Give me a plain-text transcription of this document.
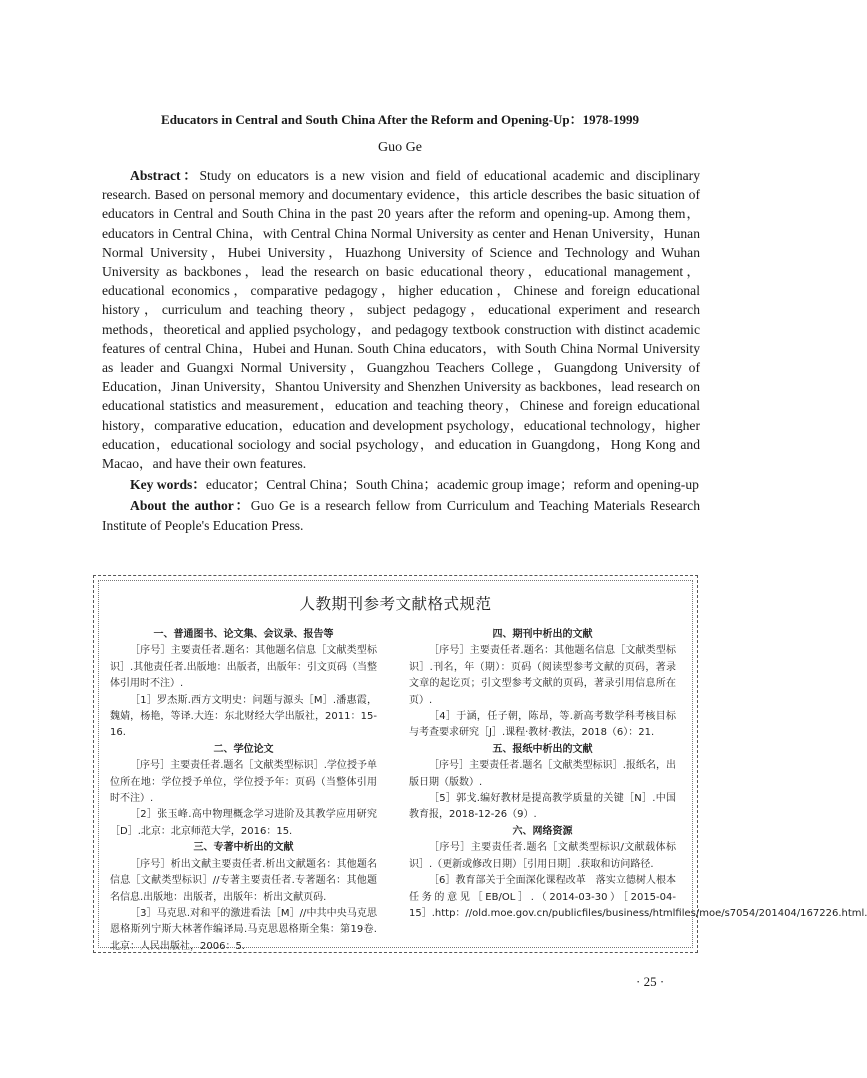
Educators in Central and South China After the Reform and Opening-Up：1978-1999
Guo Ge

Abstract：Study on educators is a new vision and field of educational academic and disciplinary research. Based on personal memory and documentary evidence，this article describes the basic situation of educators in Central and South China in the past 20 years after the reform and opening-up. Among them，educators in Central China，with Central China Normal University as center and Henan University，Hunan Normal University，Hubei University，Huazhong University of Science and Technology and Wuhan University as backbones，lead the research on basic educational theory，educational management，educational economics，comparative pedagogy，higher education，Chinese and foreign educational history，curriculum and teaching theory，subject pedagogy，educational experiment and research methods，theoretical and applied psychology，and pedagogy textbook construction with distinct academic features of central China，Hubei and Hunan. South China educators，with South China Normal University as leader and Guangxi Normal University，Guangzhou Teachers College，Guangdong University of Education，Jinan University，Shantou University and Shenzhen University as backbones，lead research on educational statistics and measurement，education and teaching theory，Chinese and foreign educational history，comparative education，education and development psychology，educational technology，higher education，educational sociology and social psychology，and education in Guangdong，Hong Kong and Macao，and have their own features.

Key words：educator；Central China；South China；academic group image；reform and opening-up

About the author：Guo Ge is a research fellow from Curriculum and Teaching Materials Research Institute of People's Education Press.

人教期刊参考文献格式规范
一、普通图书、论文集、会议录、报告等

［序号］主要责任者.题名：其他题名信息［文献类型标识］.其他责任者.出版地：出版者，出版年：引文页码（当整体引用时不注）.

［1］罗杰斯.西方文明史：问题与源头［M］.潘惠霞，魏婧，杨艳，等译.大连：东北财经大学出版社，2011：15-16.

二、学位论文

［序号］主要责任者.题名［文献类型标识］.学位授予单位所在地：学位授予单位，学位授予年：页码（当整体引用时不注）.

［2］张玉峰.高中物理概念学习进阶及其教学应用研究［D］.北京：北京师范大学，2016：15.

三、专著中析出的文献

［序号］析出文献主要责任者.析出文献题名：其他题名信息［文献类型标识］//专著主要责任者.专著题名：其他题名信息.出版地：出版者，出版年：析出文献页码.

［3］马克思.对和平的激进看法［M］//中共中央马克思恩格斯列宁斯大林著作编译局.马克思恩格斯全集：第19卷.北京：人民出版社，2006：5.

四、期刊中析出的文献

［序号］主要责任者.题名：其他题名信息［文献类型标识］.刊名，年（期）：页码（阅读型参考文献的页码，著录文章的起讫页；引文型参考文献的页码，著录引用信息所在页）.

［4］于涵，任子朝，陈昂，等.新高考数学科考核目标与考查要求研究［J］.课程·教材·教法，2018（6）：21.

五、报纸中析出的文献

［序号］主要责任者.题名［文献类型标识］.报纸名，出版日期（版数）.

［5］郭戈.编好教材是提高教学质量的关键［N］.中国教育报，2018-12-26（9）.

六、网络资源

［序号］主要责任者.题名［文献类型标识/文献载体标识］.（更新或修改日期）［引用日期］.获取和访问路径.

［6］教育部关于全面深化课程改革　落实立德树人根本任务的意见［EB/OL］.（2014-03-30）［2015-04-15］.http：//old.moe.gov.cn/publicfiles/business/htmlfiles/moe/s7054/201404/167226.html.

· 25 ·
